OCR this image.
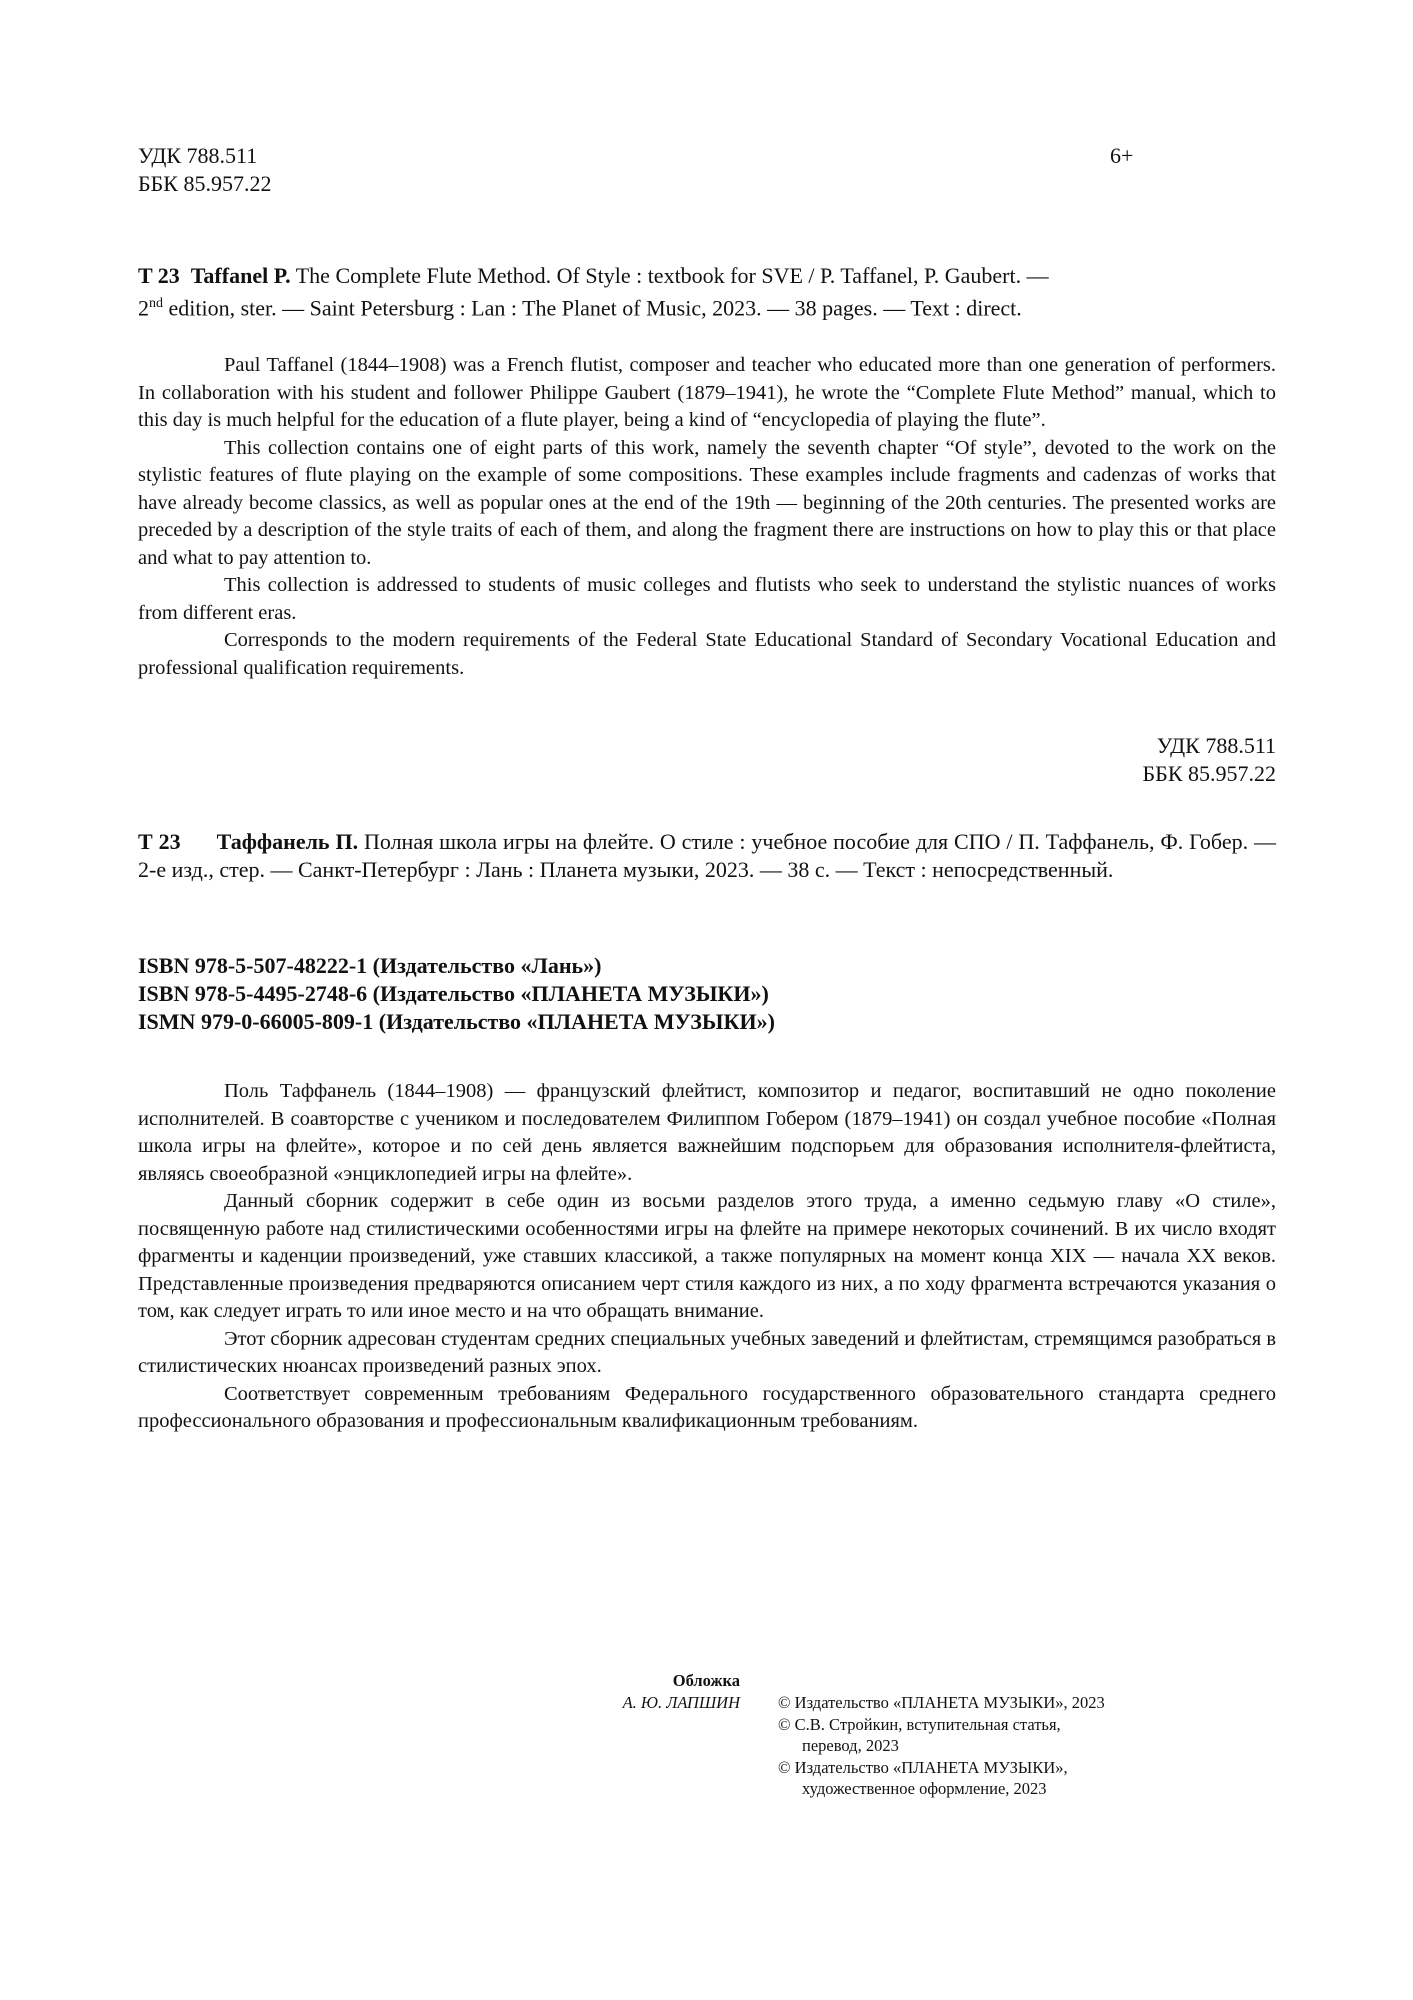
УДК 788.511
ББК 85.957.22
6+
T 23 Taffanel P. The Complete Flute Method. Of Style : textbook for SVE / P. Taffanel, P. Gaubert. —
2nd edition, ster. — Saint Petersburg : Lan : The Planet of Music, 2023. — 38 pages. — Text : direct.

Paul Taffanel (1844–1908) was a French flutist, composer and teacher who educated more than one generation of performers. In collaboration with his student and follower Philippe Gaubert (1879–1941), he wrote the “Complete Flute Method” manual, which to this day is much helpful for the education of a flute player, being a kind of “encyclopedia of playing the flute”.

This collection contains one of eight parts of this work, namely the seventh chapter “Of style”, devoted to the work on the stylistic features of flute playing on the example of some compositions. These examples include fragments and cadenzas of works that have already become classics, as well as popular ones at the end of the 19th — beginning of the 20th centuries. The presented works are preceded by a description of the style traits of each of them, and along the fragment there are instructions on how to play this or that place and what to pay attention to.

This collection is addressed to students of music colleges and flutists who seek to understand the stylistic nuances of works from different eras.

Corresponds to the modern requirements of the Federal State Educational Standard of Secondary Vocational Education and professional qualification requirements.

УДК 788.511
ББК 85.957.22
Т 23 Таффанель П. Полная школа игры на флейте. О стиле : учебное пособие для СПО / П. Таффанель, Ф. Гобер. — 2-е изд., стер. — Санкт-Петербург : Лань : Планета музыки, 2023. — 38 с. — Текст : непосредственный.
ISBN 978-5-507-48222-1 (Издательство «Лань»)
ISBN 978-5-4495-2748-6 (Издательство «ПЛАНЕТА МУЗЫКИ»)
ISMN 979-0-66005-809-1 (Издательство «ПЛАНЕТА МУЗЫКИ»)

Поль Таффанель (1844–1908) — французский флейтист, композитор и педагог, воспитавший не одно поколение исполнителей. В соавторстве с учеником и последователем Филиппом Гобером (1879–1941) он создал учебное пособие «Полная школа игры на флейте», которое и по сей день является важнейшим подспорьем для образования исполнителя-флейтиста, являясь своеобразной «энциклопедией игры на флейте».

Данный сборник содержит в себе один из восьми разделов этого труда, а именно седьмую главу «О стиле», посвященную работе над стилистическими особенностями игры на флейте на примере некоторых сочинений. В их число входят фрагменты и каденции произведений, уже ставших классикой, а также популярных на момент конца XIX — начала XX веков. Представленные произведения предваряются описанием черт стиля каждого из них, а по ходу фрагмента встречаются указания о том, как следует играть то или иное место и на что обращать внимание.

Этот сборник адресован студентам средних специальных учебных заведений и флейтистам, стремящимся разобраться в стилистических нюансах произведений разных эпох.

Соответствует современным требованиям Федерального государственного образовательного стандарта среднего профессионального образования и профессиональным квалификационным требованиям.

Обложка
А. Ю. ЛАПШИН © Издательство «ПЛАНЕТА МУЗЫКИ», 2023
© С.В. Стройкин, вступительная статья,
перевод, 2023
© Издательство «ПЛАНЕТА МУЗЫКИ»,
художественное оформление, 2023
